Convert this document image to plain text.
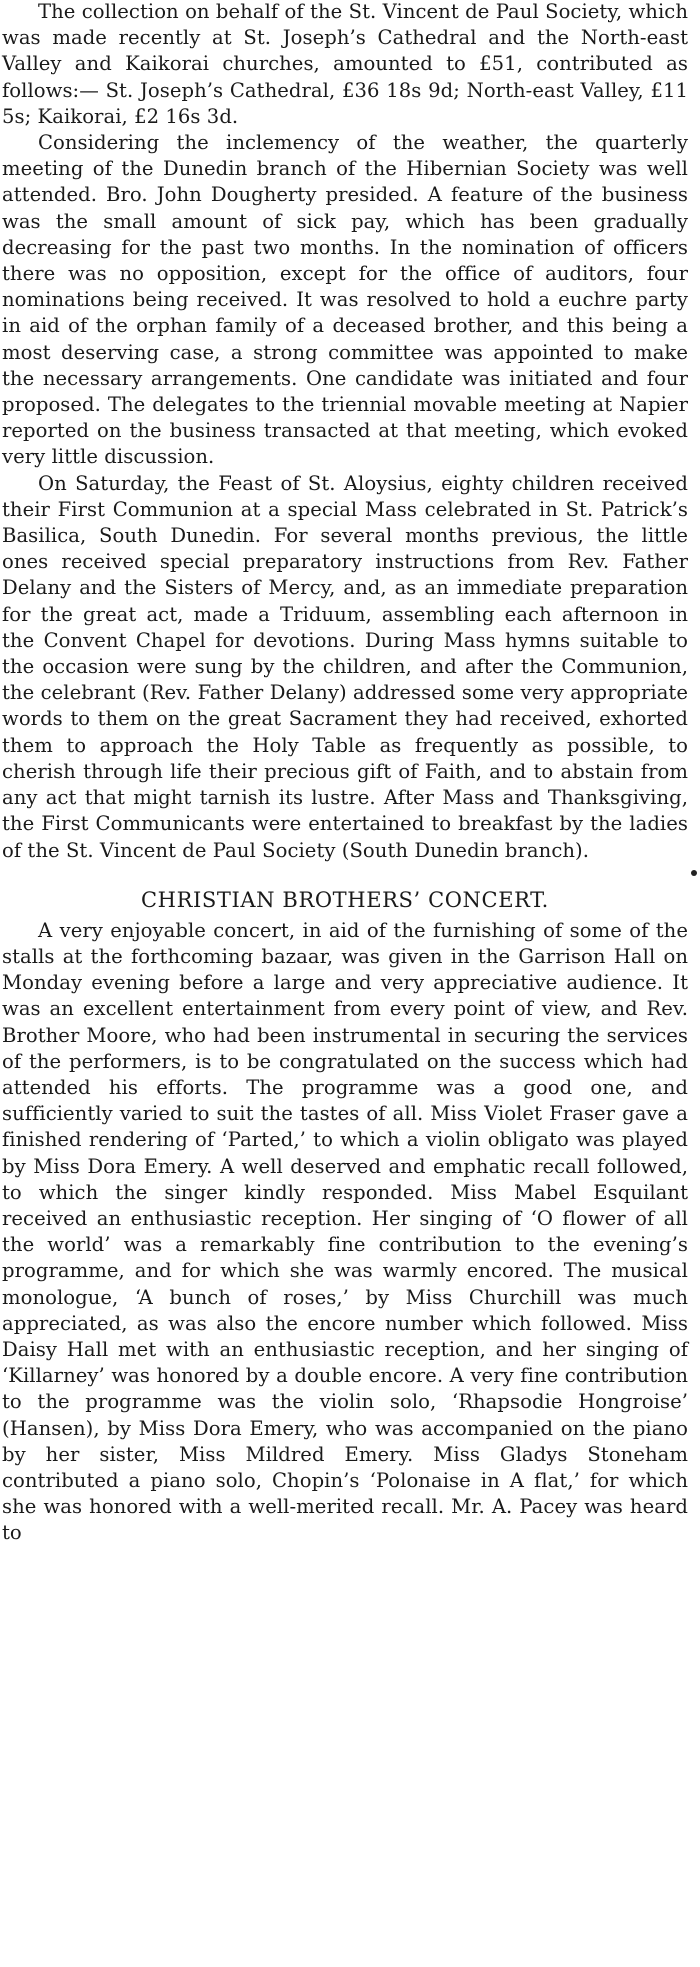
The collection on behalf of the St. Vincent de Paul Society, which was made recently at St. Joseph’s Cathedral and the North-east Valley and Kaikorai churches, amounted to £51, contributed as follows:— St. Joseph’s Cathedral, £36 18s 9d; North-east Valley, £11 5s; Kaikorai, £2 16s 3d.

Considering the inclemency of the weather, the quarterly meeting of the Dunedin branch of the Hibernian Society was well attended. Bro. John Dougherty presided. A feature of the business was the small amount of sick pay, which has been gradually decreasing for the past two months. In the nomination of officers there was no opposition, except for the office of auditors, four nominations being received. It was resolved to hold a euchre party in aid of the orphan family of a deceased brother, and this being a most deserving case, a strong committee was appointed to make the necessary arrangements. One candidate was initiated and four proposed. The delegates to the triennial movable meeting at Napier reported on the business transacted at that meeting, which evoked very little discussion.

On Saturday, the Feast of St. Aloysius, eighty children received their First Communion at a special Mass celebrated in St. Patrick’s Basilica, South Dunedin. For several months previous, the little ones received special preparatory instructions from Rev. Father Delany and the Sisters of Mercy, and, as an immediate preparation for the great act, made a Triduum, assembling each afternoon in the Convent Chapel for devotions. During Mass hymns suitable to the occasion were sung by the children, and after the Communion, the celebrant (Rev. Father Delany) addressed some very appropriate words to them on the great Sacrament they had received, exhorted them to approach the Holy Table as frequently as possible, to cherish through life their precious gift of Faith, and to abstain from any act that might tarnish its lustre. After Mass and Thanksgiving, the First Communicants were entertained to breakfast by the ladies of the St. Vincent de Paul Society (South Dunedin branch).

CHRISTIAN BROTHERS’ CONCERT.

A very enjoyable concert, in aid of the furnishing of some of the stalls at the forthcoming bazaar, was given in the Garrison Hall on Monday evening before a large and very appreciative audience. It was an excellent entertainment from every point of view, and Rev. Brother Moore, who had been instrumental in securing the services of the performers, is to be congratulated on the success which had attended his efforts. The programme was a good one, and sufficiently varied to suit the tastes of all. Miss Violet Fraser gave a finished rendering of ‘Parted,’ to which a violin obligato was played by Miss Dora Emery. A well deserved and emphatic recall followed, to which the singer kindly responded. Miss Mabel Esquilant received an enthusiastic reception. Her singing of ‘O flower of all the world’ was a remarkably fine contribution to the evening’s programme, and for which she was warmly encored. The musical monologue, ‘A bunch of roses,’ by Miss Churchill was much appreciated, as was also the encore number which followed. Miss Daisy Hall met with an enthusiastic reception, and her singing of ‘Killarney’ was honored by a double encore. A very fine contribution to the programme was the violin solo, ‘Rhapsodie Hongroise’ (Hansen), by Miss Dora Emery, who was accompanied on the piano by her sister, Miss Mildred Emery. Miss Gladys Stoneham contributed a piano solo, Chopin’s ‘Polonaise in A flat,’ for which she was honored with a well-merited recall. Mr. A. Pacey was heard to
